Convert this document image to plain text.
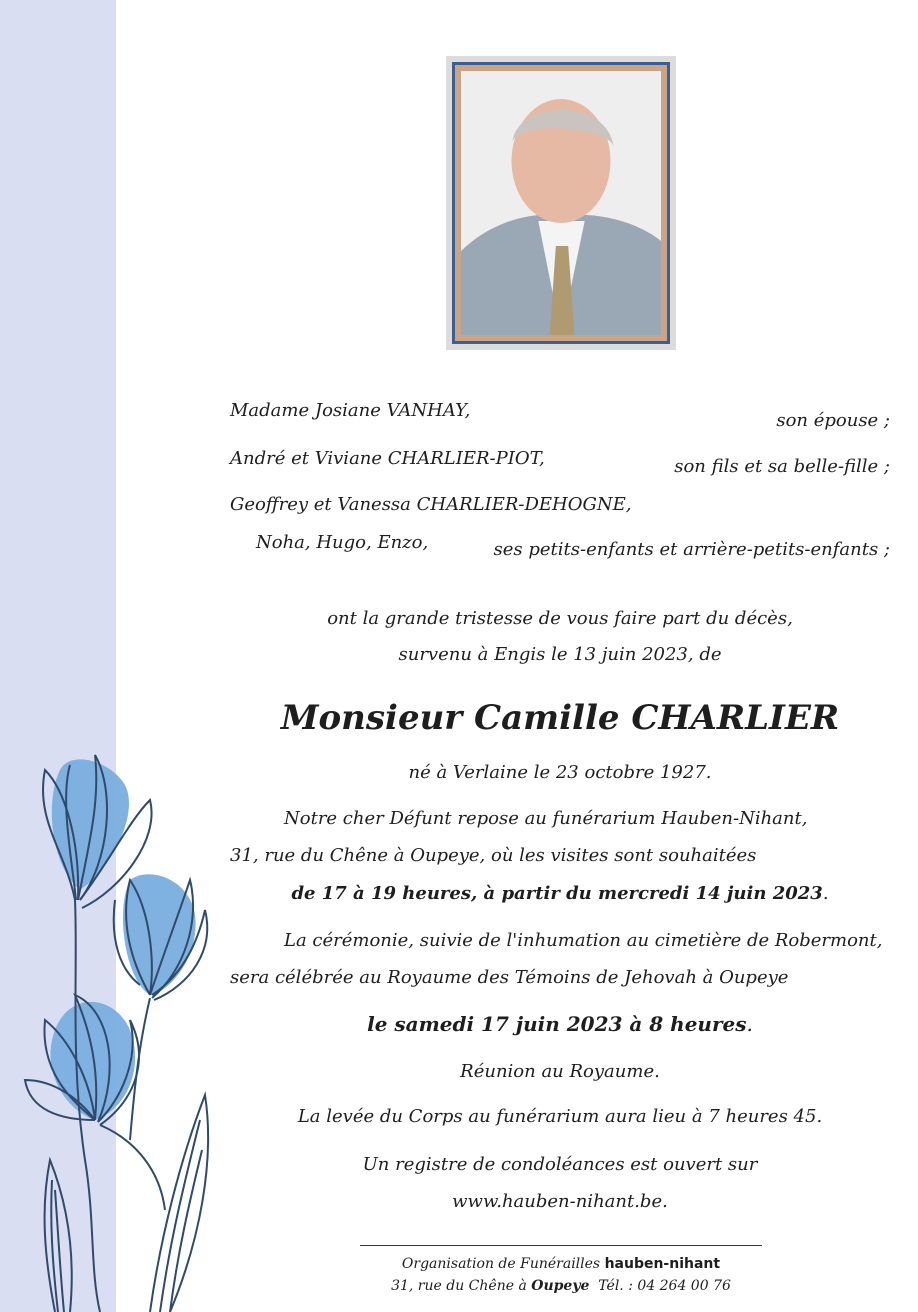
Madame Josiane VANHAY,	son épouse ;
André et Viviane CHARLIER-PIOT,	son fils et sa belle-fille ;
Geoffrey et Vanessa CHARLIER-DEHOGNE,
Noha, Hugo, Enzo,	ses petits-enfants et arrière-petits-enfants ;
ont la grande tristesse de vous faire part du décès,
survenu à Engis le 13 juin 2023, de
Monsieur Camille CHARLIER
né à Verlaine le 23 octobre 1927.
Notre cher Défunt repose au funérarium Hauben-Nihant,
31, rue du Chêne à Oupeye, où les visites sont souhaitées
de 17 à 19 heures, à partir du mercredi 14 juin 2023.
La cérémonie, suivie de l'inhumation au cimetière de Robermont,
sera célébrée au Royaume des Témoins de Jehovah à Oupeye
le samedi 17 juin 2023 à 8 heures.
Réunion au Royaume.
La levée du Corps au funérarium aura lieu à 7 heures 45.
Un registre de condoléances est ouvert sur
www.hauben-nihant.be.
Organisation de Funérailles hauben-nihant
31, rue du Chêne à Oupeye Tél. : 04 264 00 76
